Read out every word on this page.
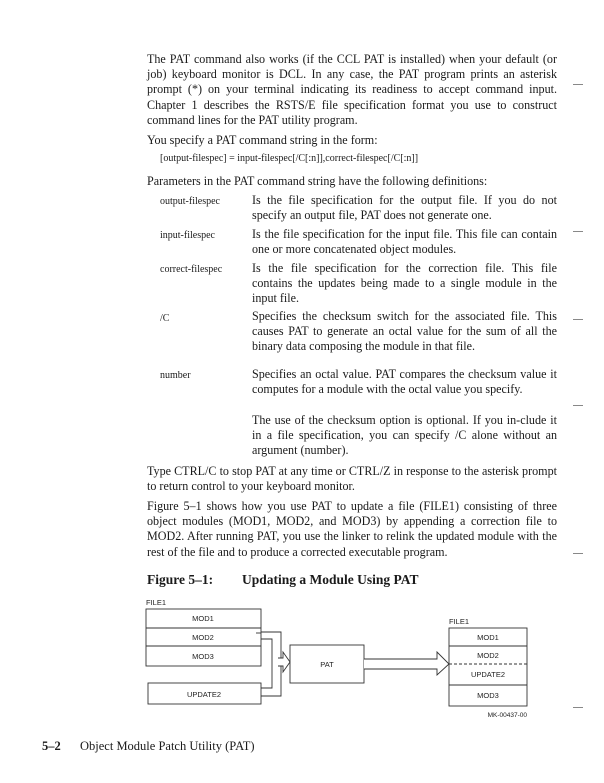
The PAT command also works (if the CCL PAT is installed) when your default (or job) keyboard monitor is DCL. In any case, the PAT program prints an asterisk prompt (*) on your terminal indicating its readiness to accept command input. Chapter 1 describes the RSTS/E file specification format you use to construct command lines for the PAT utility program.
You specify a PAT command string in the form:
[output-filespec] = input-filespec[/C[:n]],correct-filespec[/C[:n]]
Parameters in the PAT command string have the following definitions:
output-filespec	Is the file specification for the output file. If you do not specify an output file, PAT does not generate one.
input-filespec	Is the file specification for the input file. This file can contain one or more concatenated object modules.
correct-filespec Is the file specification for the correction file. This file contains the updates being made to a single module in the input file.
/C	Specifies the checksum switch for the associated file. This causes PAT to generate an octal value for the sum of all the binary data composing the module in that file.
number	Specifies an octal value. PAT compares the checksum value it computes for a module with the octal value you specify.
The use of the checksum option is optional. If you in-clude it in a file specification, you can specify /C alone without an argument (number).
Type CTRL/C to stop PAT at any time or CTRL/Z in response to the asterisk prompt to return control to your keyboard monitor.
Figure 5–1 shows how you use PAT to update a file (FILE1) consisting of three object modules (MOD1, MOD2, and MOD3) by appending a correction file to MOD2. After running PAT, you use the linker to relink the updated module with the rest of the file and to produce a corrected executable program.
Figure 5–1: Updating a Module Using PAT
FILE1
MOD1
MOD2
MOD3
UPDATE2
PAT
FILE1
MOD1
MOD2
UPDATE2
MOD3
MK-00437-00
5–2 Object Module Patch Utility (PAT)
